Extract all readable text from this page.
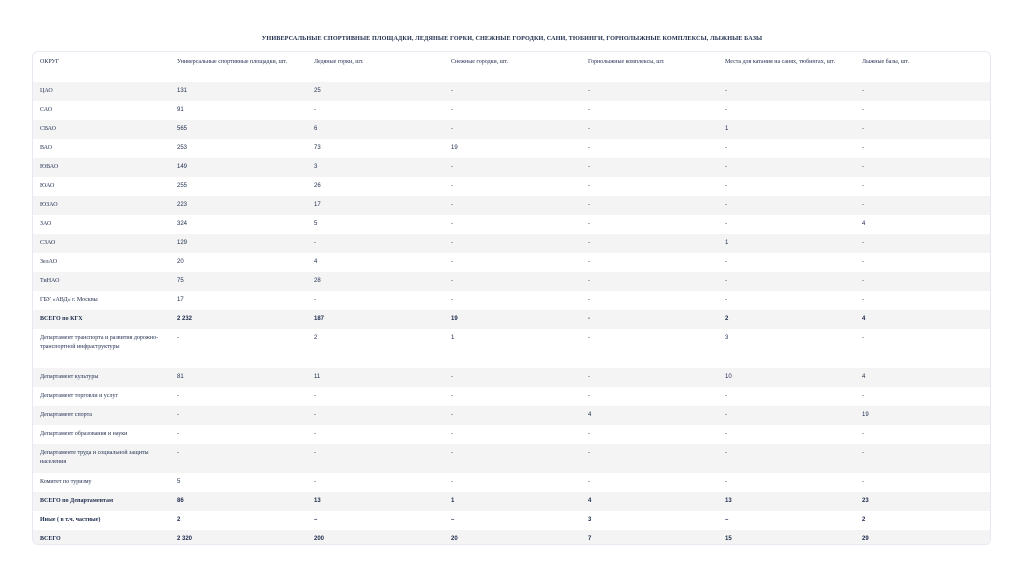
УНИВЕРСАЛЬНЫЕ СПОРТИВНЫЕ ПЛОЩАДКИ, ЛЕДЯНЫЕ ГОРКИ, СНЕЖНЫЕ ГОРОДКИ, САНИ, ТЮБИНГИ, ГОРНОЛЫЖНЫЕ КОМПЛЕКСЫ, ЛЫЖНЫЕ БАЗЫ
ОКРУГ	Универсальные спортивные площадки, шт.	Ледяные горки, шт.	Снежные городки, шт.	Горнолыжные комплексы, шт.	Места для катания на санях, тюбингах, шт.	Лыжные базы, шт.
ЦАО	131	25	-	-	-	-
САО	91	-	-	-	-	-
СВАО	565	6	-	-	1	-
ВАО	253	73	19	-	-	-
ЮВАО	149	3	-	-	-	-
ЮАО	255	26	-	-	-	-
ЮЗАО	223	17	-	-	-	-
ЗАО	324	5	-	-	-	4
СЗАО	129	-	-	-	1	-
ЗелАО	20	4	-	-	-	-
ТиНАО	75	28	-	-	-	-
ГБУ «АВД» г. Москвы	17	-	-	-	-	-
ВСЕГО по КГХ	2 232	187	19	-	2	4
Департамент транспорта и развития дорожно-транспортной инфраструктуры	-	2	1	-	3	-
Департамент культуры	81	11	-	-	10	4
Департамент торговли и услуг	-	-	-	-	-	-
Департамент спорта	-	-	-	4	-	19
Департамент образования и науки	-	-	-	-	-	-
Департаменте труда и социальной защиты населения	-	-	-	-	-	-
Комитет по туризму	5	-	-	-	-	-
ВСЕГО по Департаментам	86	13	1	4	13	23
Иные ( в т.ч. частные)	2	–	–	3	–	2
ВСЕГО	2 320	200	20	7	15	29
